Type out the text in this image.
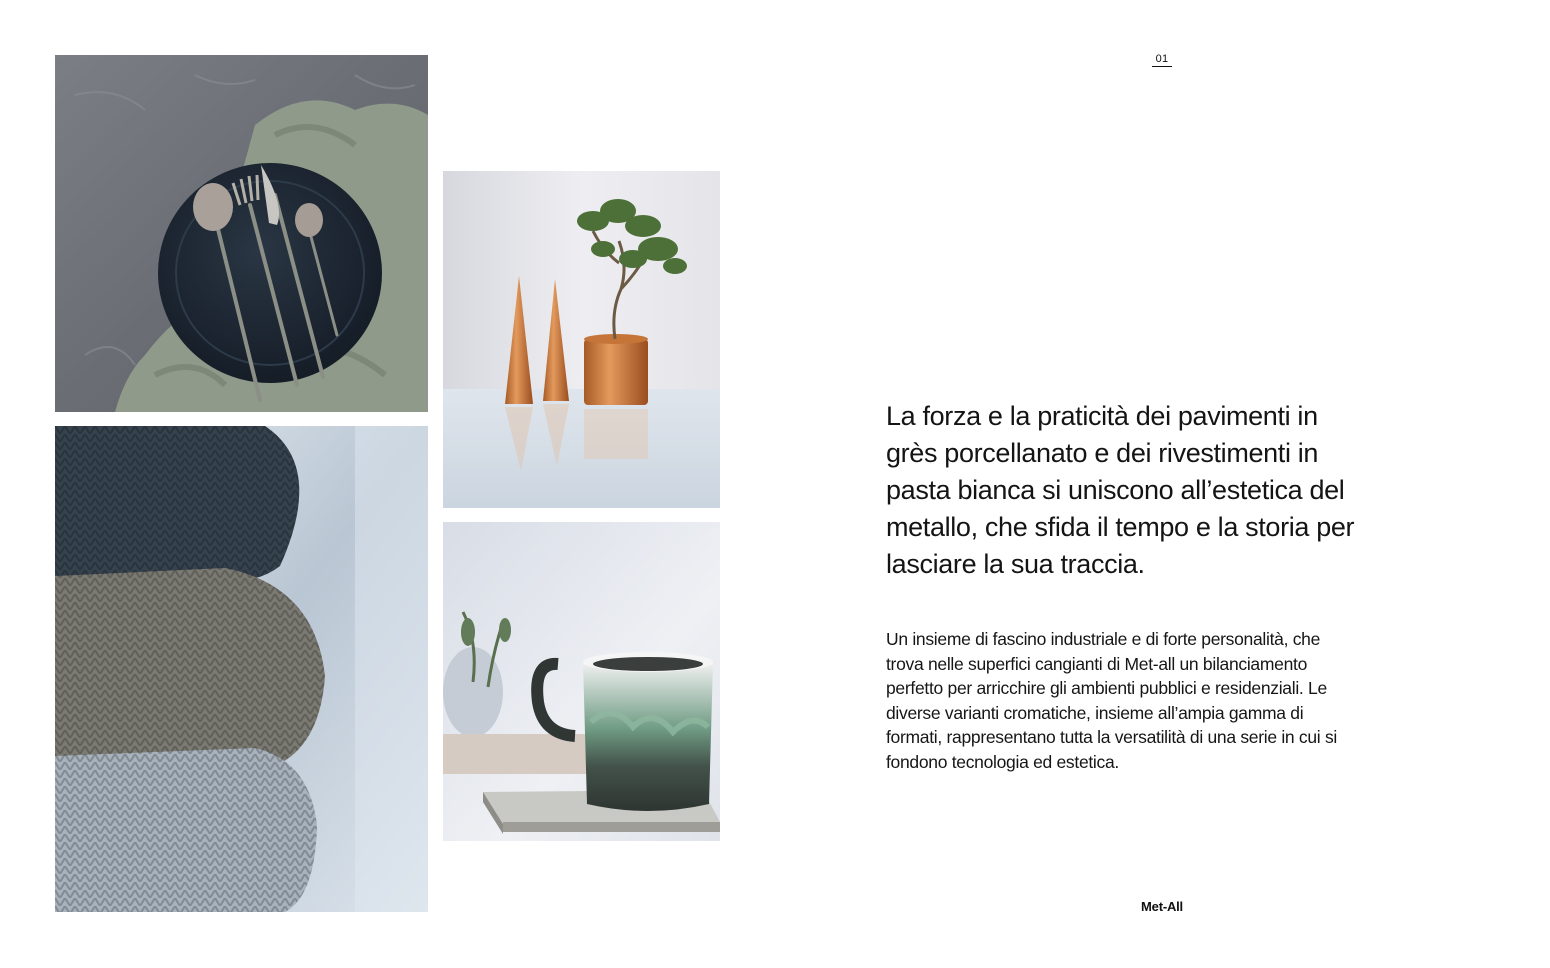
01
La forza e la praticità dei pavimenti in grès porcellanato e dei rivestimenti in pasta bianca si uniscono all’estetica del metallo, che sfida il tempo e la storia per lasciare la sua traccia.

Un insieme di fascino industriale e di forte personalità, che trova nelle superfici cangianti di Met-all un bilanciamento perfetto per arricchire gli ambienti pubblici e residenziali. Le diverse varianti cromatiche, insieme all’ampia gamma di formati, rappresentano tutta la versatilità di una serie in cui si fondono tecnologia ed estetica.

Met-All
